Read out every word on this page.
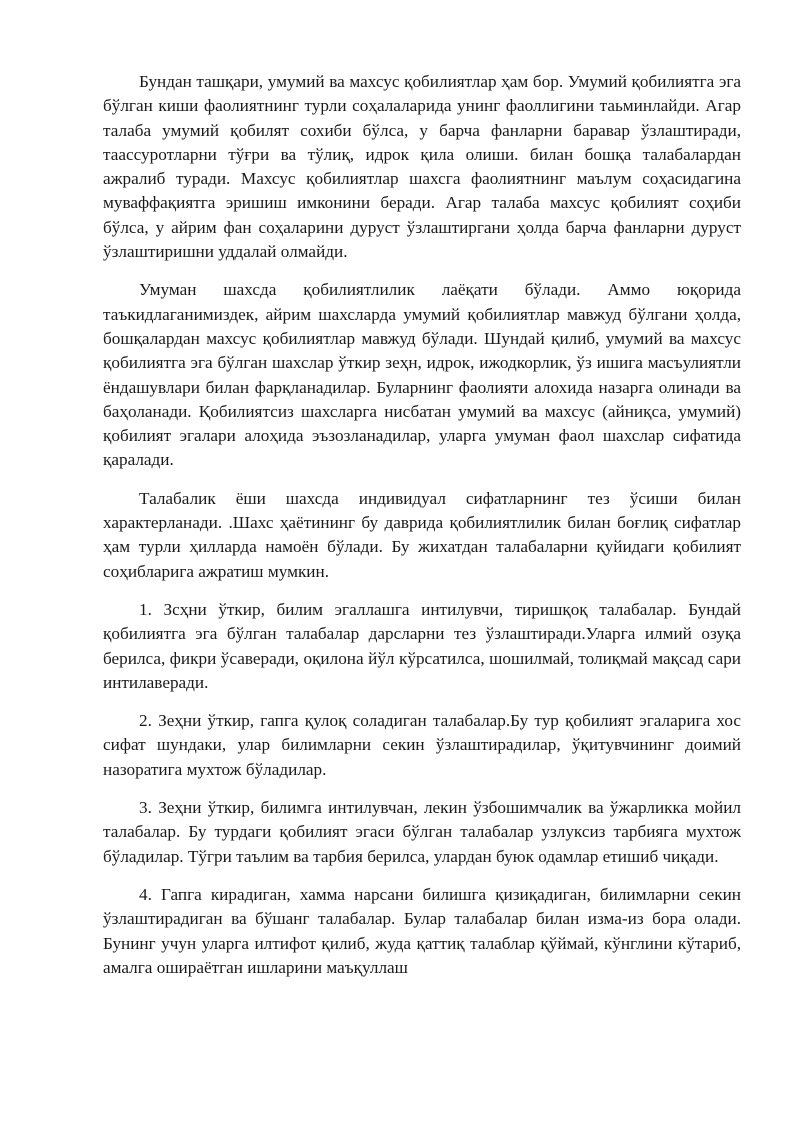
Бундан ташқари, умумий ва махсус қобилиятлар ҳам бор. Умумий қобилиятга эга бўлган киши фаолиятнинг турли соҳалаларида унинг фаоллигини таьминлайди. Агар талаба умумий қобилят сохиби бўлса, у барча фанларни баравар ўзлаштиради, таассуротларни тўғри ва тўлиқ, идрок қила олиши. билан бошқа талабалардан ажралиб туради. Махсус қобилиятлар шахсга фаолиятнинг маълум соҳасидагина муваффақиятга эришиш имконини беради. Агар талаба махсус қобилият соҳиби бўлса, у айрим фан соҳаларини дуруст ўзлаштиргани ҳолда барча фанларни дуруст ўзлаштиришни уддалай олмайди.

Умуман шахсда қобилиятлилик лаёқати бўлади. Аммо юқорида таъкидлаганимиздек, айрим шахсларда умумий қобилиятлар мавжуд бўлгани ҳолда, бошқалардан махсус қобилиятлар мавжуд бўлади. Шундай қилиб, умумий ва махсус қобилиятга эга бўлган шахслар ўткир зеҳн, идрок, ижодкорлик, ўз ишига масъулиятли ёндашувлари билан фарқланадилар. Буларнинг фаолияти алохида назарга олинади ва баҳоланади. Қобилиятсиз шахсларга нисбатан умумий ва махсус (айниқса, умумий) қобилият эгалари алоҳида эъзозланадилар, уларга умуман фаол шахслар сифатида қаралади.

Талабалик ёши шахсда индивидуал сифатларнинг тез ўсиши билан характерланади. .Шахс ҳаётининг бу даврида қобилиятлилик билан боғлиқ сифатлар ҳам турли ҳилларда намоён бўлади. Бу жихатдан талабаларни қуйидаги қобилият соҳибларига ажратиш мумкин.

1. Зсҳни ўткир, билим эгаллашга интилувчи, тиришқоқ талабалар. Бундай қобилиятга эга бўлган талабалар дарсларни тез ўзлаштиради.Уларга илмий озуқа берилса, фикри ўсаверади, оқилона йўл кўрсатилса, шошилмай, толиқмай мақсад сари интилаверади.

2. Зеҳни ўткир, гапга қулоқ соладиган талабалар.Бу тур қобилият эгаларига хос сифат шундаки, улар билимларни секин ўзлаштирадилар, ўқитувчининг доимий назоратига мухтож бўладилар.

3. Зеҳни ўткир, билимга интилувчан, лекин ўзбошимчалик ва ўжарликка мойил талабалар. Бу турдаги қобилият эгаси бўлган талабалар узлуксиз тарбияга мухтож бўладилар. Тўгри таълим ва тарбия берилса, улардан буюк одамлар етишиб чиқади.

4. Гапга кирадиган, хамма нарсани билишга қизиқадиган, билимларни секин ўзлаштирадиган ва бўшанг талабалар. Булар талабалар билан изма-из бора олади. Бунинг учун уларга илтифот қилиб, жуда қаттиқ талаблар қўймай, кўнглини кўтариб, амалга ошираётган ишларини маъқуллаш
